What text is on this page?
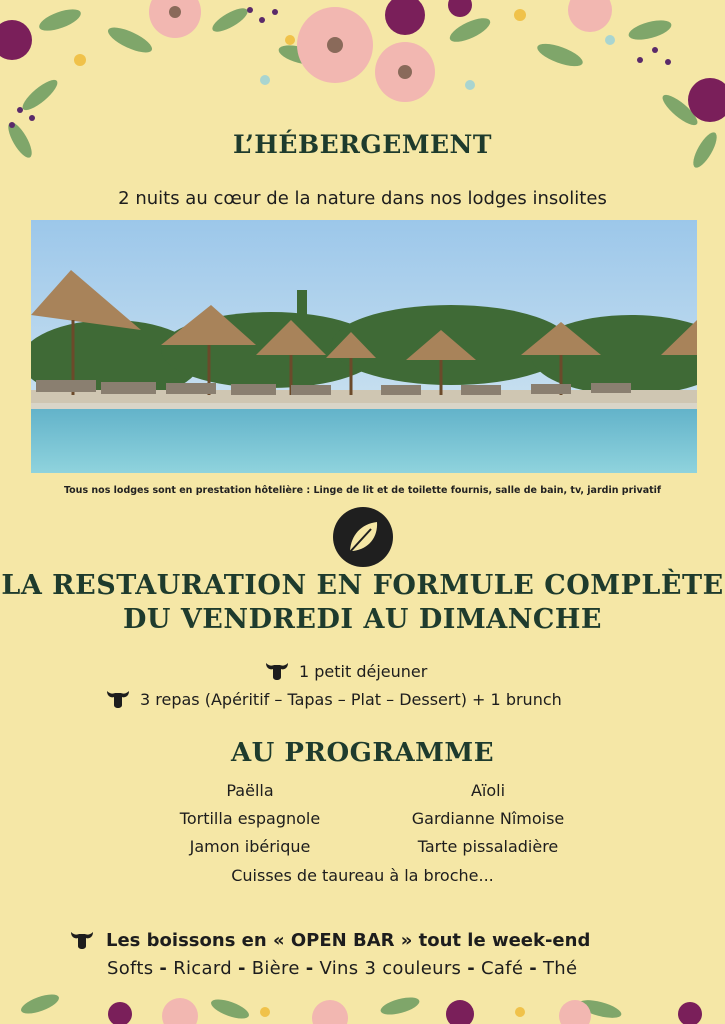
L’HÉBERGEMENT
2 nuits au cœur de la nature dans nos lodges insolites
Tous nos lodges sont en prestation hôtelière : Linge de lit et de toilette fournis, salle de bain, tv, jardin privatif
LA RESTAURATION EN FORMULE COMPLÈTE
DU VENDREDI AU DIMANCHE
1 petit déjeuner
3 repas (Apéritif – Tapas – Plat – Dessert) + 1 brunch
AU PROGRAMME
Paëlla	Aïoli
Tortilla espagnole	Gardianne Nîmoise
Jamon ibérique	Tarte pissaladière
Cuisses de taureau à la broche...
Les boissons en « OPEN BAR » tout le week-end
Softs - Ricard - Bière - Vins 3 couleurs - Café - Thé
